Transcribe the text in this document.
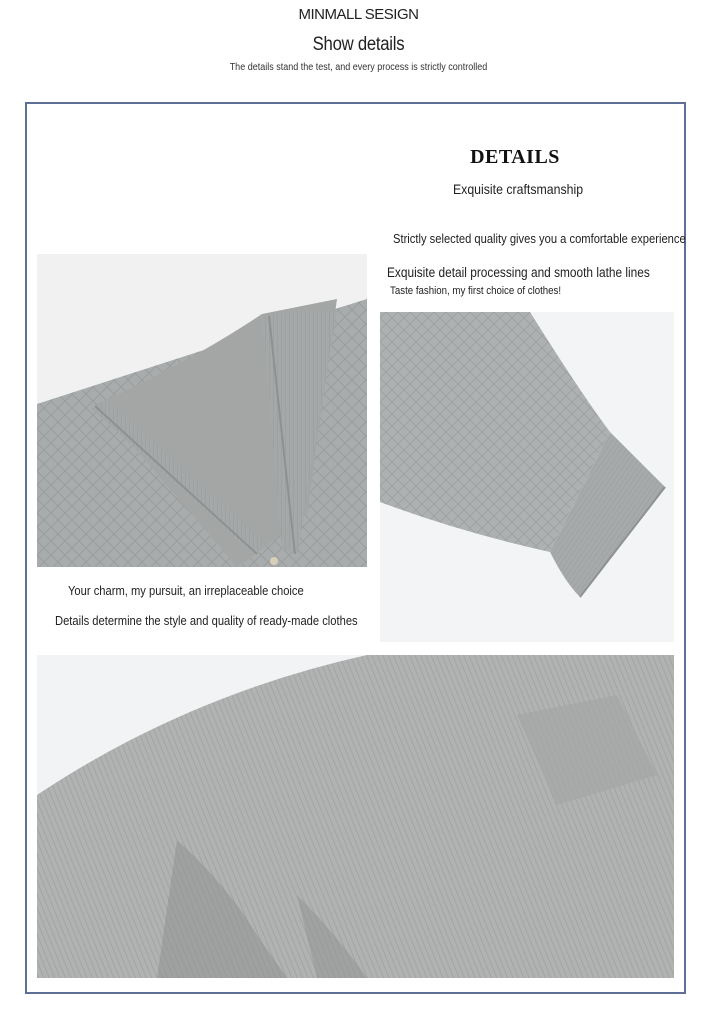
MINMALL SESIGN
Show details
The details stand the test, and every process is strictly controlled
DETAILS
Exquisite craftsmanship
Strictly selected quality gives you a comfortable experience
Exquisite detail processing and smooth lathe lines
Taste fashion, my first choice of clothes!
Your charm, my pursuit, an irreplaceable choice
Details determine the style and quality of ready-made clothes
